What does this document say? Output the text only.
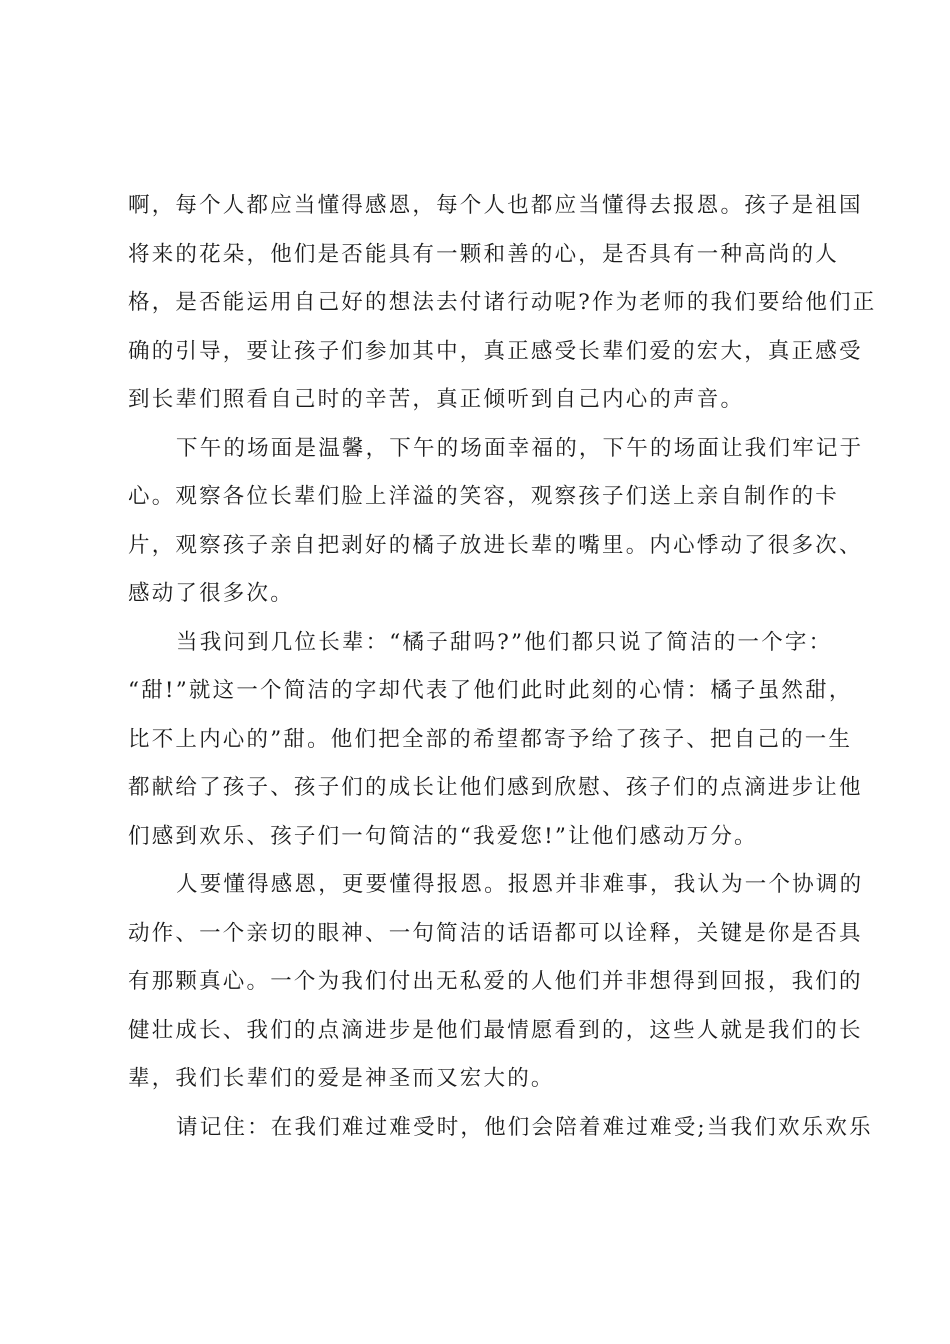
啊，每个人都应当懂得感恩，每个人也都应当懂得去报恩。孩子是祖国
将来的花朵，他们是否能具有一颗和善的心，是否具有一种高尚的人
格，是否能运用自己好的想法去付诸行动呢?作为老师的我们要给他们正
确的引导，要让孩子们参加其中，真正感受长辈们爱的宏大，真正感受
到长辈们照看自己时的辛苦，真正倾听到自己内心的声音。
下午的场面是温馨，下午的场面幸福的，下午的场面让我们牢记于
心。观察各位长辈们脸上洋溢的笑容，观察孩子们送上亲自制作的卡
片，观察孩子亲自把剥好的橘子放进长辈的嘴里。内心悸动了很多次、
感动了很多次。
当我问到几位长辈：“橘子甜吗?”他们都只说了简洁的一个字：
“甜!”就这一个简洁的字却代表了他们此时此刻的心情：橘子虽然甜，
比不上内心的”甜。他们把全部的希望都寄予给了孩子、把自己的一生
都献给了孩子、孩子们的成长让他们感到欣慰、孩子们的点滴进步让他
们感到欢乐、孩子们一句简洁的“我爱您!”让他们感动万分。
人要懂得感恩，更要懂得报恩。报恩并非难事，我认为一个协调的
动作、一个亲切的眼神、一句简洁的话语都可以诠释，关键是你是否具
有那颗真心。一个为我们付出无私爱的人他们并非想得到回报，我们的
健壮成长、我们的点滴进步是他们最情愿看到的，这些人就是我们的长
辈，我们长辈们的爱是神圣而又宏大的。
请记住：在我们难过难受时，他们会陪着难过难受;当我们欢乐欢乐
